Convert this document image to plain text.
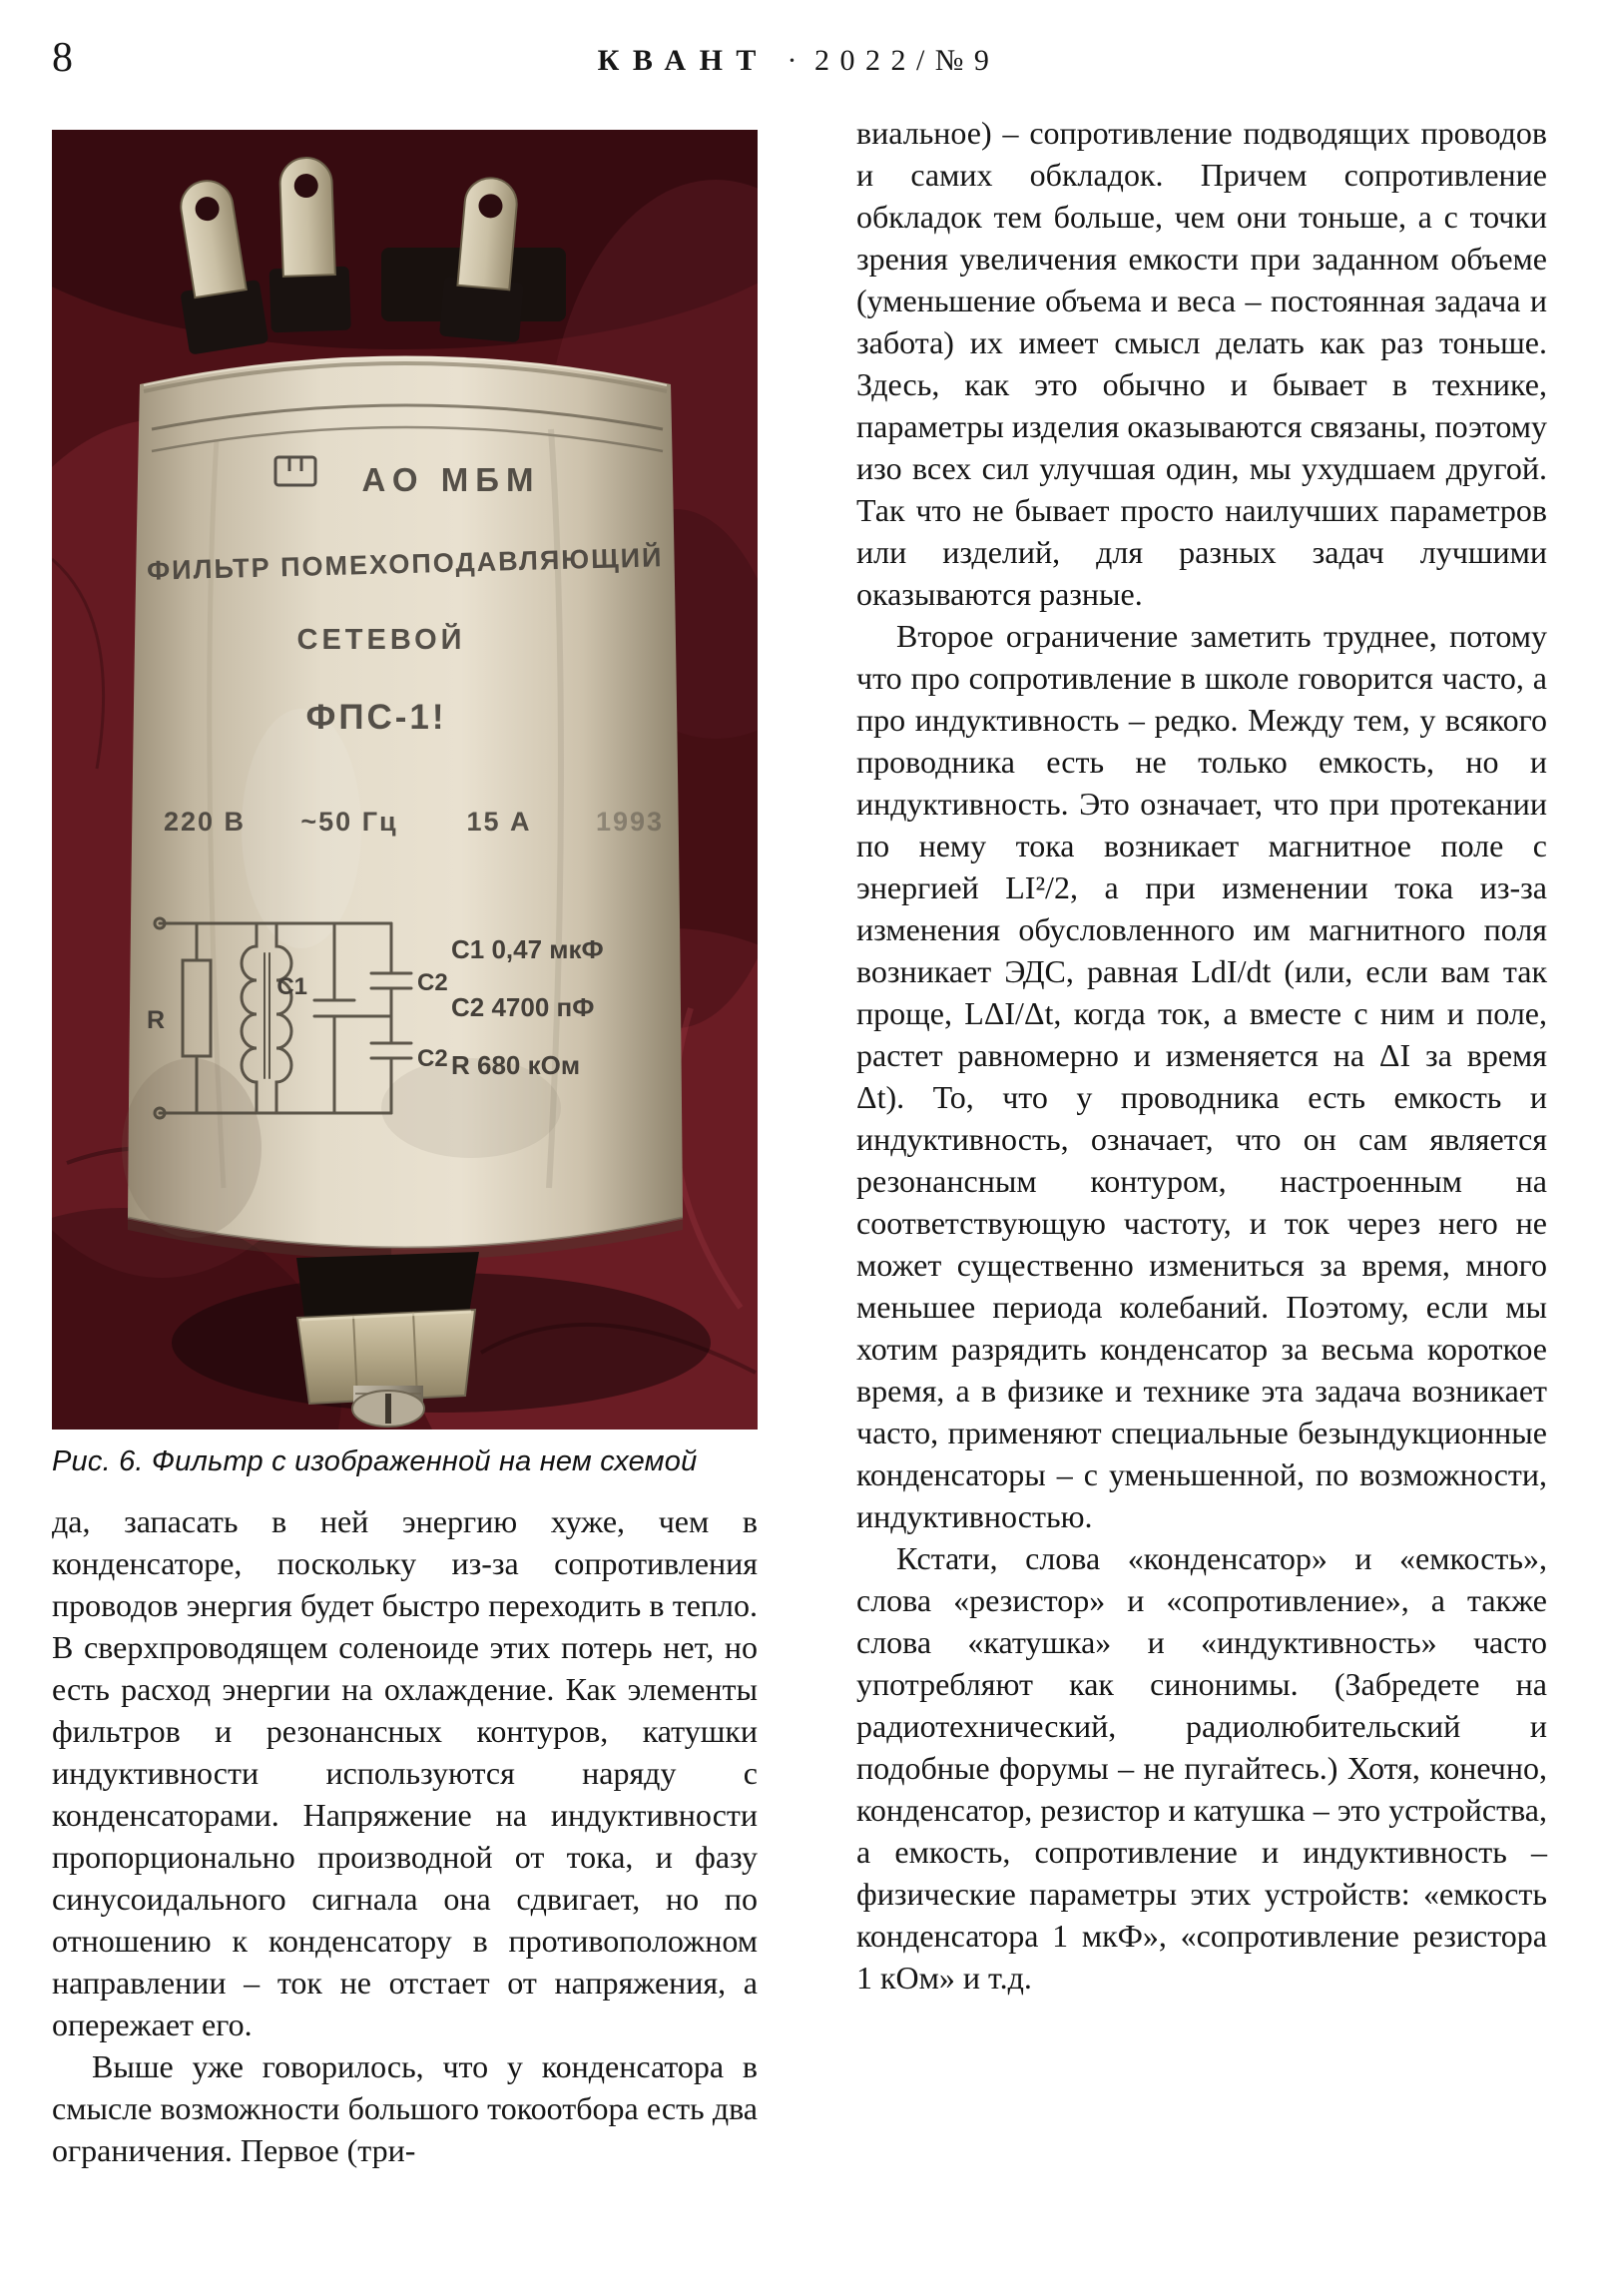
8	КВАНТ · 2022/№9
АО МБМ
ФИЛЬТР ПОМЕХОПОДАВЛЯЮЩИЙ
СЕТЕВОЙ
ФПС-1!
220 В ~50 Гц	15 А 1993
R
С1	С2
С2
С1 0,47 мкФ
С2 4700 пФ
R 680 кОм
Рис. 6. Фильтр с изображенной на нем схемой

да, запасать в ней энергию хуже, чем в конденсаторе, поскольку из-за сопротивления проводов энергия будет быстро переходить в тепло. В сверхпроводящем соленоиде этих потерь нет, но есть расход энергии на охлаждение. Как элементы фильтров и резонансных контуров, катушки индуктивности используются наряду с конденсаторами. Напряжение на индуктивности пропорционально производной от тока, и фазу синусоидального сигнала она сдвигает, но по отношению к конденсатору в противоположном направлении – ток не отстает от напряжения, а опережает его.

Выше уже говорилось, что у конденсатора в смысле возможности большого токоотбора есть два ограничения. Первое (три-

виальное) – сопротивление подводящих проводов и самих обкладок. Причем сопротивление обкладок тем больше, чем они тоньше, а с точки зрения увеличения емкости при заданном объеме (уменьшение объема и веса – постоянная задача и забота) их имеет смысл делать как раз тоньше. Здесь, как это обычно и бывает в технике, параметры изделия оказываются связаны, поэтому изо всех сил улучшая один, мы ухудшаем другой. Так что не бывает просто наилучших параметров или изделий, для разных задач лучшими оказываются разные.

Второе ограничение заметить труднее, потому что про сопротивление в школе говорится часто, а про индуктивность – редко. Между тем, у всякого проводника есть не только емкость, но и индуктивность. Это означает, что при протекании по нему тока возникает магнитное поле с энергией LI²/2, а при изменении тока из-за изменения обусловленного им магнитного поля возникает ЭДС, равная LdI/dt (или, если вам так проще, LΔI/Δt, когда ток, а вместе с ним и поле, растет равномерно и изменяется на ΔI за время Δt). То, что у проводника есть емкость и индуктивность, означает, что он сам является резонансным контуром, настроенным на соответствующую частоту, и ток через него не может существенно измениться за время, много меньшее периода колебаний. Поэтому, если мы хотим разрядить конденсатор за весьма короткое время, а в физике и технике эта задача возникает часто, применяют специальные безындукционные конденсаторы – с уменьшенной, по возможности, индуктивностью.

Кстати, слова «конденсатор» и «емкость», слова «резистор» и «сопротивление», а также слова «катушка» и «индуктивность» часто употребляют как синонимы. (Забредете на радиотехнический, радиолюбительский и подобные форумы – не пугайтесь.) Хотя, конечно, конденсатор, резистор и катушка – это устройства, а емкость, сопротивление и индуктивность – физические параметры этих устройств: «емкость конденсатора 1 мкФ», «сопротивление резистора 1 кОм» и т.д.
